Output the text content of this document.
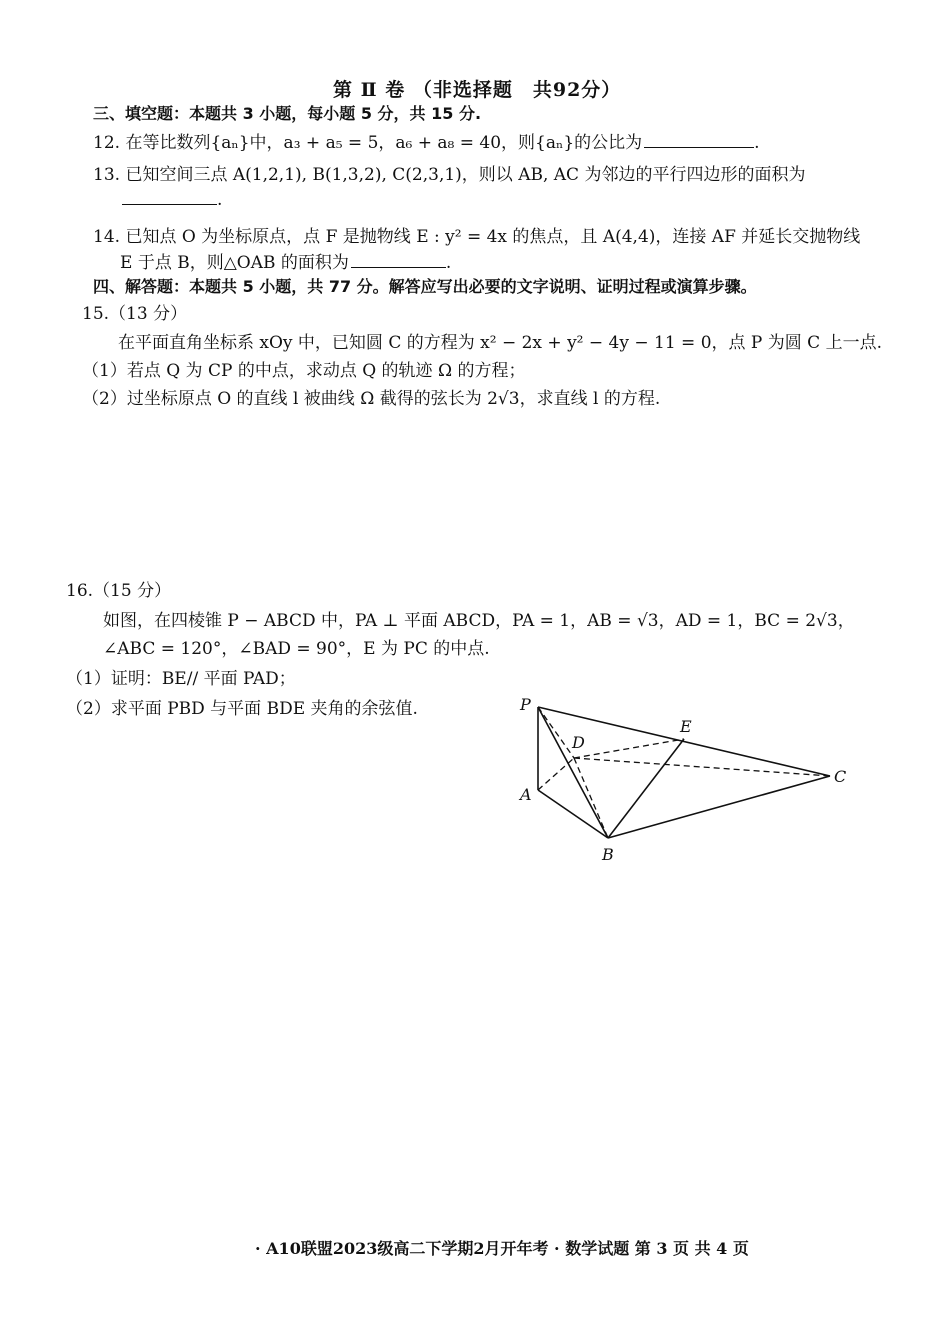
第 Ⅱ 卷 （非选择题　共92分）
三、填空题：本题共 3 小题，每小题 5 分，共 15 分.
12. 在等比数列{aₙ}中，a₃ + a₅ = 5，a₆ + a₈ = 40，则{aₙ}的公比为	.
13. 已知空间三点 A(1,2,1), B(1,3,2), C(2,3,1)，则以 AB, AC 为邻边的平行四边形的面积为
.
14. 已知点 O 为坐标原点，点 F 是抛物线 E : y² = 4x 的焦点，且 A(4,4)，连接 AF 并延长交抛物线
E 于点 B，则△OAB 的面积为	.
四、解答题：本题共 5 小题，共 77 分。解答应写出必要的文字说明、证明过程或演算步骤。
15.（13 分）
在平面直角坐标系 xOy 中，已知圆 C 的方程为 x² − 2x + y² − 4y − 11 = 0，点 P 为圆 C 上一点.
（1）若点 Q 为 CP 的中点，求动点 Q 的轨迹 Ω 的方程；
（2）过坐标原点 O 的直线 l 被曲线 Ω 截得的弦长为 2√3，求直线 l 的方程.
16.（15 分）
如图，在四棱锥 P − ABCD 中，PA ⊥ 平面 ABCD，PA = 1，AB = √3，AD = 1，BC = 2√3，
∠ABC = 120°，∠BAD = 90°，E 为 PC 的中点.
（1）证明：BE// 平面 PAD；
（2）求平面 PBD 与平面 BDE 夹角的余弦值.	P
A
B
C
D
E
· A10联盟2023级高二下学期2月开年考 · 数学试题 第 3 页 共 4 页
